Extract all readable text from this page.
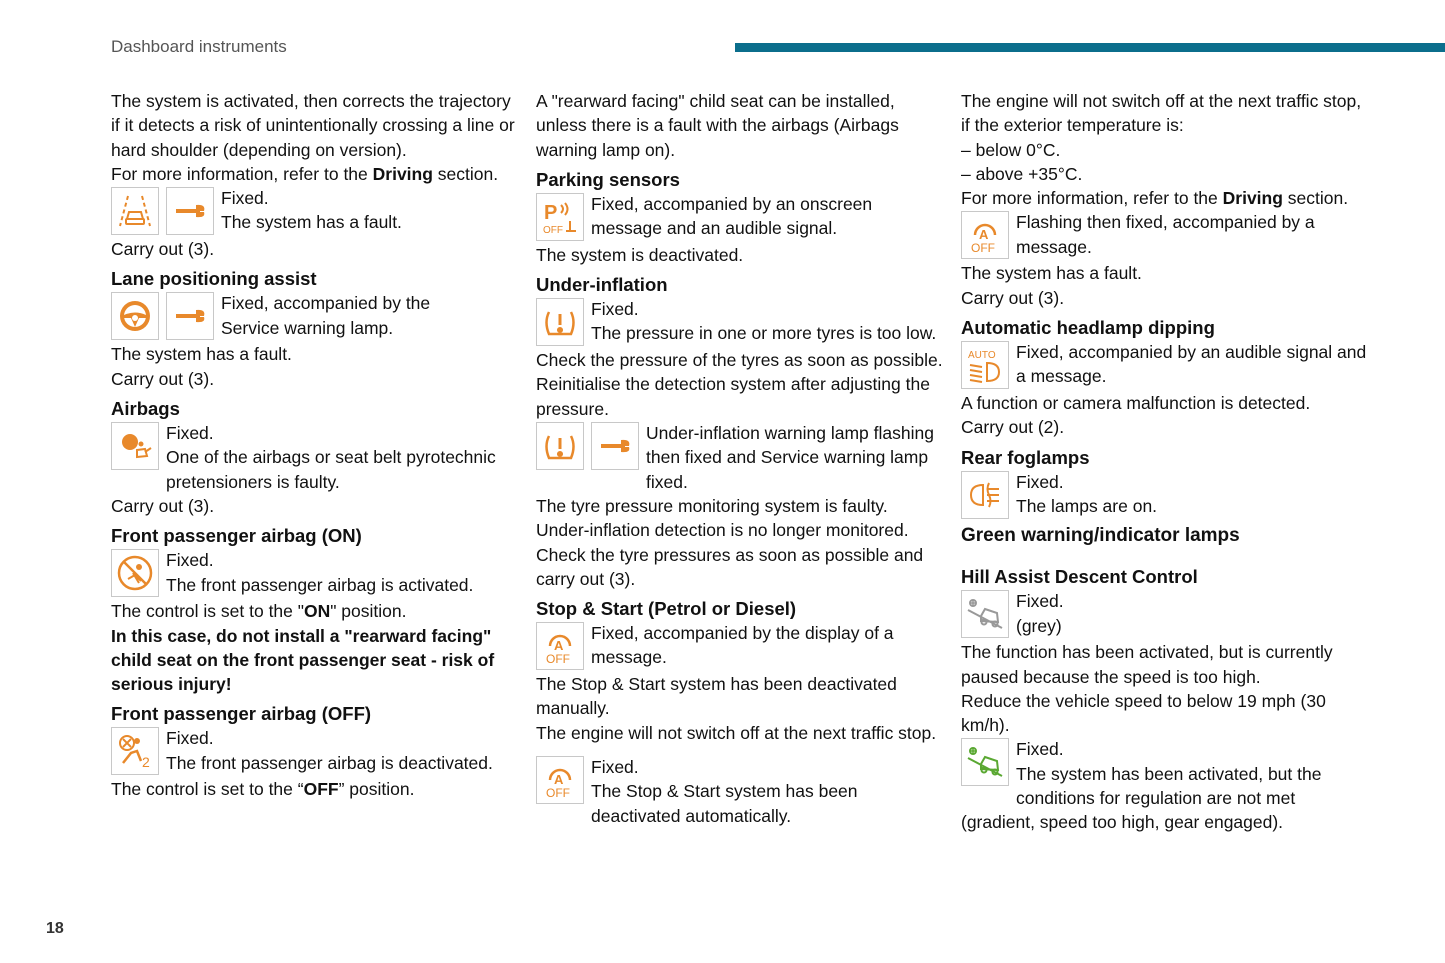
Dashboard instruments

The system is activated, then corrects the trajectory if it detects a risk of unintentionally crossing a line or hard shoulder (depending on version).

For more information, refer to the Driving section.

Fixed.

The system has a fault.

Carry out (3).

Lane positioning assist

Fixed, accompanied by the

Service warning lamp.

The system has a fault.

Carry out (3).

Airbags

Fixed.

One of the airbags or seat belt pyrotechnic pretensioners is faulty.

Carry out (3).

Front passenger airbag (ON)

Fixed.

The front passenger airbag is activated.

The control is set to the "ON" position.

In this case, do not install a "rearward facing" child seat on the front passenger seat - risk of serious injury!

Front passenger airbag (OFF)
2

Fixed.

The front passenger airbag is deactivated.

The control is set to the “OFF” position.

A "rearward facing" child seat can be installed, unless there is a fault with the airbags (Airbags warning lamp on).

Parking sensors
P
OFF

Fixed, accompanied by an onscreen message and an audible signal.

The system is deactivated.

Under-inflation

Fixed.

The pressure in one or more tyres is too low.

Check the pressure of the tyres as soon as possible.

Reinitialise the detection system after adjusting the pressure.

Under-inflation warning lamp flashing then fixed and Service warning lamp fixed.

The tyre pressure monitoring system is faulty.

Under-inflation detection is no longer monitored.

Check the tyre pressures as soon as possible and carry out (3).

Stop & Start (Petrol or Diesel)
A
OFF

Fixed, accompanied by the display of a message.

The Stop & Start system has been deactivated manually.

The engine will not switch off at the next traffic stop.

A
OFF

Fixed.

The Stop & Start system has been deactivated automatically.

The engine will not switch off at the next traffic stop, if the exterior temperature is:

– below 0°C.

– above +35°C.

For more information, refer to the Driving section.

A
OFF

Flashing then fixed, accompanied by a message.

The system has a fault.

Carry out (3).

Automatic headlamp dipping
AUTO	Fixed, accompanied by an audible signal and a message.

A function or camera malfunction is detected.

Carry out (2).

Rear foglamps

Fixed.

The lamps are on.

Green warning/indicator lamps
Hill Assist Descent Control

Fixed.

(grey)

The function has been activated, but is currently paused because the speed is too high.

Reduce the vehicle speed to below 19 mph (30 km/h).

Fixed.

The system has been activated, but the conditions for regulation are not met (gradient, speed too high, gear engaged).

18
